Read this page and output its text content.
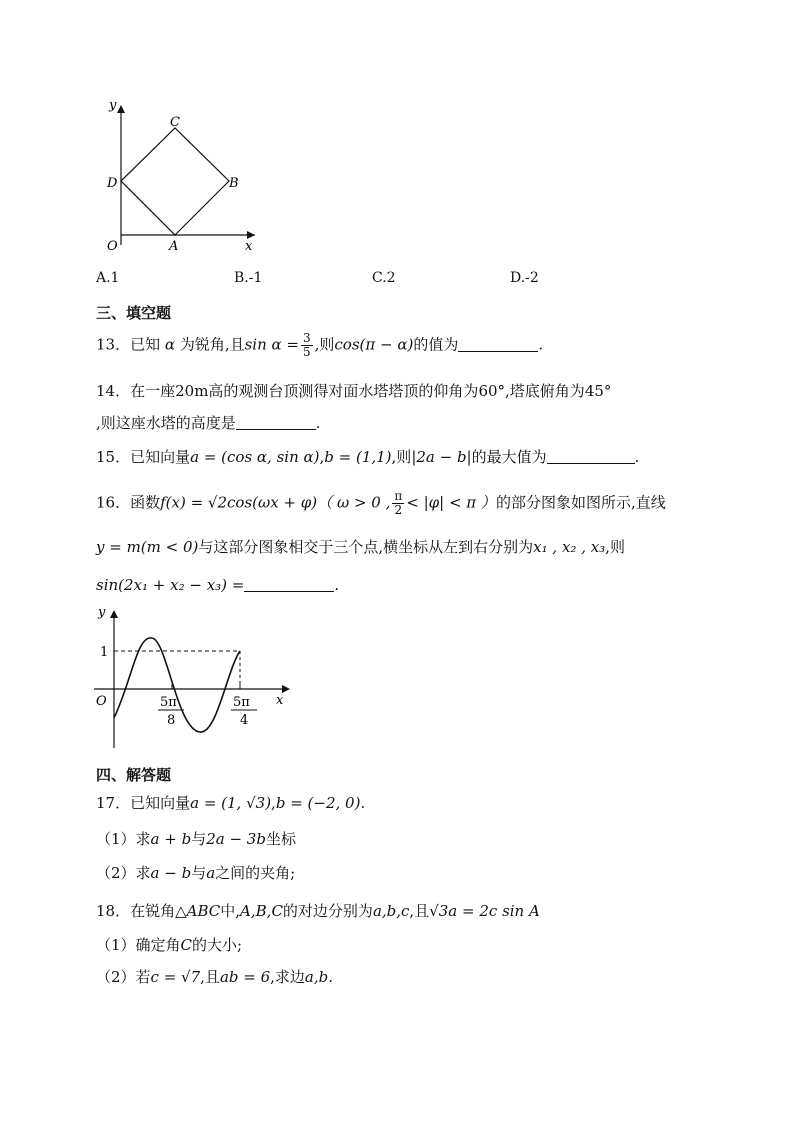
y
x
O	A
B
C
D
A.1	B.-1	C.2	D.-2
三、填空题
13．已知 α 为锐角,且$\sin \alpha = \frac{3}{5}$ ,则cos(π − α)的值为	.
14．在一座20m高的观测台顶测得对面水塔塔顶的仰角为60°,塔底俯角为45°
,则这座水塔的高度是	.
15．已知向量a = (cos α, sin α),b = (1,1),则|2a − b|的最大值为	.
16．函数f(x) = √2cos(ωx + φ)（ ω > 0 , $\frac{\pi}{2} < |\varphi| < \pi$ ）的部分图象如图所示,直线
y = m(m < 0)与这部分图象相交于三个点,横坐标从左到右分别为x₁ , x₂ , x₃,则
sin(2x₁ + x₂ − x₃) =	.
y
x
O
1
5π
8
5π
4
四、解答题
17．已知向量a = (1, √3),b = (−2, 0).
（1）求a + b与2a − 3b坐标
（2）求a − b与a之间的夹角;
18．在锐角△ABC中,A,B,C的对边分别为a,b,c,且√3a = 2c sin A
（1）确定角C的大小;
（2）若c = √7,且ab = 6,求边a,b.
